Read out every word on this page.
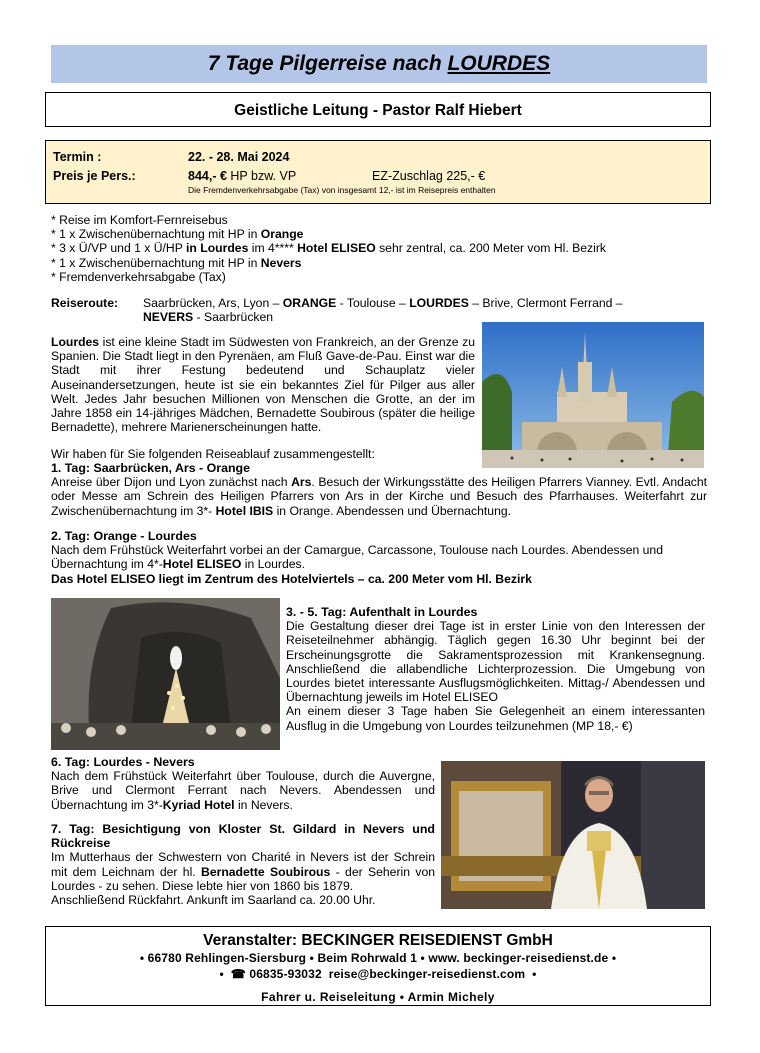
7 Tage Pilgerreise nach LOURDES
Geistliche Leitung - Pastor Ralf Hiebert
Termin :	22. - 28. Mai 2024
Preis je Pers.:	844,- € HP bzw. VP	EZ-Zuschlag 225,- €
Die Fremdenverkehrsabgabe (Tax) von insgesamt 12,- ist im Reisepreis enthalten
* Reise im Komfort-Fernreisebus
* 1 x Zwischenübernachtung mit HP in Orange
* 3 x Ü/VP und 1 x Ü/HP in Lourdes im 4**** Hotel ELISEO sehr zentral, ca. 200 Meter vom Hl. Bezirk
* 1 x Zwischenübernachtung mit HP in Nevers
* Fremdenverkehrsabgabe (Tax)
Reiseroute: Saarbrücken, Ars, Lyon – ORANGE - Toulouse – LOURDES – Brive, Clermont Ferrand –
NEVERS - Saarbrücken
Lourdes ist eine kleine Stadt im Südwesten von Frankreich, an der Grenze zu Spanien. Die Stadt liegt in den Pyrenäen, am Fluß Gave-de-Pau. Einst war die Stadt mit ihrer Festung bedeutend und Schauplatz vieler Auseinandersetzungen, heute ist sie ein bekanntes Ziel für Pilger aus aller Welt. Jedes Jahr besuchen Millionen von Menschen die Grotte, an der im Jahre 1858 ein 14-jähriges Mädchen, Bernadette Soubirous (später die heilige Bernadette), mehrere Marienerscheinungen hatte.
Wir haben für Sie folgenden Reiseablauf zusammengestellt:
1. Tag: Saarbrücken, Ars - Orange
Anreise über Dijon und Lyon zunächst nach Ars. Besuch der Wirkungsstätte des Heiligen Pfarrers Vianney. Evtl. Andacht oder Messe am Schrein des Heiligen Pfarrers von Ars in der Kirche und Besuch des Pfarrhauses. Weiterfahrt zur Zwischenübernachtung im 3*- Hotel IBIS in Orange. Abendessen und Übernachtung.
2. Tag: Orange - Lourdes
Nach dem Frühstück Weiterfahrt vorbei an der Camargue, Carcassone, Toulouse nach Lourdes. Abendessen und Übernachtung im 4*-Hotel ELISEO in Lourdes.
Das Hotel ELISEO liegt im Zentrum des Hotelviertels – ca. 200 Meter vom Hl. Bezirk
3. - 5. Tag: Aufenthalt in Lourdes
Die Gestaltung dieser drei Tage ist in erster Linie von den Interessen der Reiseteilnehmer abhängig. Täglich gegen 16.30 Uhr beginnt bei der Erscheinungsgrotte die Sakramentsprozession mit Krankensegnung. Anschließend die allabendliche Lichterprozession. Die Umgebung von Lourdes bietet interessante Ausflugsmöglichkeiten. Mittag-/ Abendessen und Übernachtung jeweils im Hotel ELISEO
An einem dieser 3 Tage haben Sie Gelegenheit an einem interessanten Ausflug in die Umgebung von Lourdes teilzunehmen (MP 18,- €)
6. Tag: Lourdes - Nevers
Nach dem Frühstück Weiterfahrt über Toulouse, durch die Auvergne, Brive und Clermont Ferrant nach Nevers. Abendessen und Übernachtung im 3*-Kyriad Hotel in Nevers.
7. Tag: Besichtigung von Kloster St. Gildard in Nevers und Rückreise
Im Mutterhaus der Schwestern von Charité in Nevers ist der Schrein mit dem Leichnam der hl. Bernadette Soubirous - der Seherin von Lourdes - zu sehen. Diese lebte hier von 1860 bis 1879.
Anschließend Rückfahrt. Ankunft im Saarland ca. 20.00 Uhr.
Veranstalter: BECKINGER REISEDIENST GmbH
• 66780 Rehlingen-Siersburg • Beim Rohrwald 1 • www. beckinger-reisedienst.de •
•  ☎ 06835-93032 reise@beckinger-reisedienst.com  •
Fahrer u. Reiseleitung • Armin Michely
